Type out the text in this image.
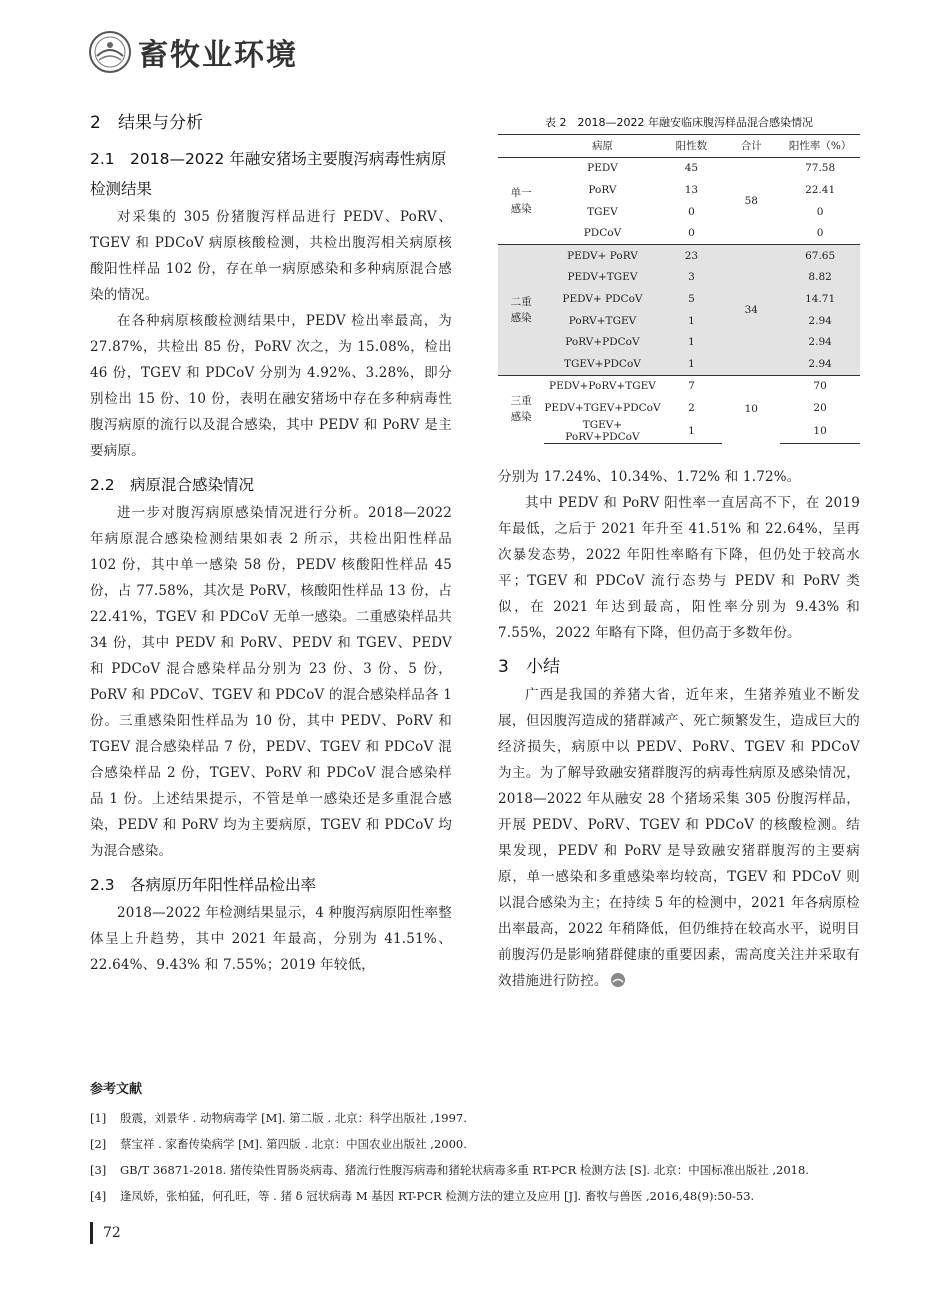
畜牧业环境
2 结果与分析
2.1 2018—2022 年融安猪场主要腹泻病毒性病原检测结果

对采集的 305 份猪腹泻样品进行 PEDV、PoRV、TGEV 和 PDCoV 病原核酸检测，共检出腹泻相关病原核酸阳性样品 102 份，存在单一病原感染和多种病原混合感染的情况。

在各种病原核酸检测结果中，PEDV 检出率最高，为 27.87%，共检出 85 份，PoRV 次之，为 15.08%，检出 46 份，TGEV 和 PDCoV 分别为 4.92%、3.28%，即分别检出 15 份、10 份，表明在融安猪场中存在多种病毒性腹泻病原的流行以及混合感染，其中 PEDV 和 PoRV 是主要病原。

2.2 病原混合感染情况

进一步对腹泻病原感染情况进行分析。2018—2022 年病原混合感染检测结果如表 2 所示，共检出阳性样品 102 份，其中单一感染 58 份，PEDV 核酸阳性样品 45 份，占 77.58%，其次是 PoRV，核酸阳性样品 13 份，占 22.41%，TGEV 和 PDCoV 无单一感染。二重感染样品共 34 份，其中 PEDV 和 PoRV、PEDV 和 TGEV、PEDV 和 PDCoV 混合感染样品分别为 23 份、3 份、5 份，PoRV 和 PDCoV、TGEV 和 PDCoV 的混合感染样品各 1 份。三重感染阳性样品为 10 份，其中 PEDV、PoRV 和 TGEV 混合感染样品 7 份，PEDV、TGEV 和 PDCoV 混合感染样品 2 份，TGEV、PoRV 和 PDCoV 混合感染样品 1 份。上述结果提示，不管是单一感染还是多重混合感染，PEDV 和 PoRV 均为主要病原，TGEV 和 PDCoV 均为混合感染。

2.3 各病原历年阳性样品检出率

2018—2022 年检测结果显示，4 种腹泻病原阳性率整体呈上升趋势，其中 2021 年最高，分别为 41.51%、22.64%、9.43% 和 7.55%；2019 年较低，

表 2　2018—2022 年融安临床腹泻样品混合感染情况
	病原	阳性数	合计	阳性率（%）
单一
感染	PEDV	45	58	77.58
	PoRV	13		22.41
	TGEV	0		0
	PDCoV	0		0
二重
感染	PEDV+ PoRV	23	34	67.65
	PEDV+TGEV	3		8.82
	PEDV+ PDCoV	5		14.71
	PoRV+TGEV	1		2.94
	PoRV+PDCoV	1		2.94
	TGEV+PDCoV	1		2.94
三重
感染	PEDV+PoRV+TGEV	7	10	70
	PEDV+TGEV+PDCoV	2		20
	TGEV+ PoRV+PDCoV	1		10

分别为 17.24%、10.34%、1.72% 和 1.72%。

其中 PEDV 和 PoRV 阳性率一直居高不下，在 2019 年最低，之后于 2021 年升至 41.51% 和 22.64%，呈再次暴发态势，2022 年阳性率略有下降，但仍处于较高水平；TGEV 和 PDCoV 流行态势与 PEDV 和 PoRV 类似，在 2021 年达到最高，阳性率分别为 9.43% 和 7.55%，2022 年略有下降，但仍高于多数年份。

3 小结

广西是我国的养猪大省，近年来，生猪养殖业不断发展，但因腹泻造成的猪群减产、死亡频繁发生，造成巨大的经济损失，病原中以 PEDV、PoRV、TGEV 和 PDCoV 为主。为了解导致融安猪群腹泻的病毒性病原及感染情况，2018—2022 年从融安 28 个猪场采集 305 份腹泻样品，开展 PEDV、PoRV、TGEV 和 PDCoV 的核酸检测。结果发现，PEDV 和 PoRV 是导致融安猪群腹泻的主要病原，单一感染和多重感染率均较高，TGEV 和 PDCoV 则以混合感染为主；在持续 5 年的检测中，2021 年各病原检出率最高，2022 年稍降低，但仍维持在较高水平，说明目前腹泻仍是影响猪群健康的重要因素，需高度关注并采取有效措施进行防控。

参考文献
[1]	殷震，刘景华 . 动物病毒学 [M]. 第二版 . 北京：科学出版社 ,1997.
[2]	蔡宝祥 . 家畜传染病学 [M]. 第四版 . 北京：中国农业出版社 ,2000.
[3]	GB/T 36871-2018. 猪传染性胃肠炎病毒、猪流行性腹泻病毒和猪轮状病毒多重 RT-PCR 检测方法 [S]. 北京：中国标准出版社 ,2018.
[4]	逢凤娇，张柏猛，何孔旺，等 . 猪 δ 冠状病毒 M 基因 RT-PCR 检测方法的建立及应用 [J]. 畜牧与兽医 ,2016,48(9):50-53.
72
